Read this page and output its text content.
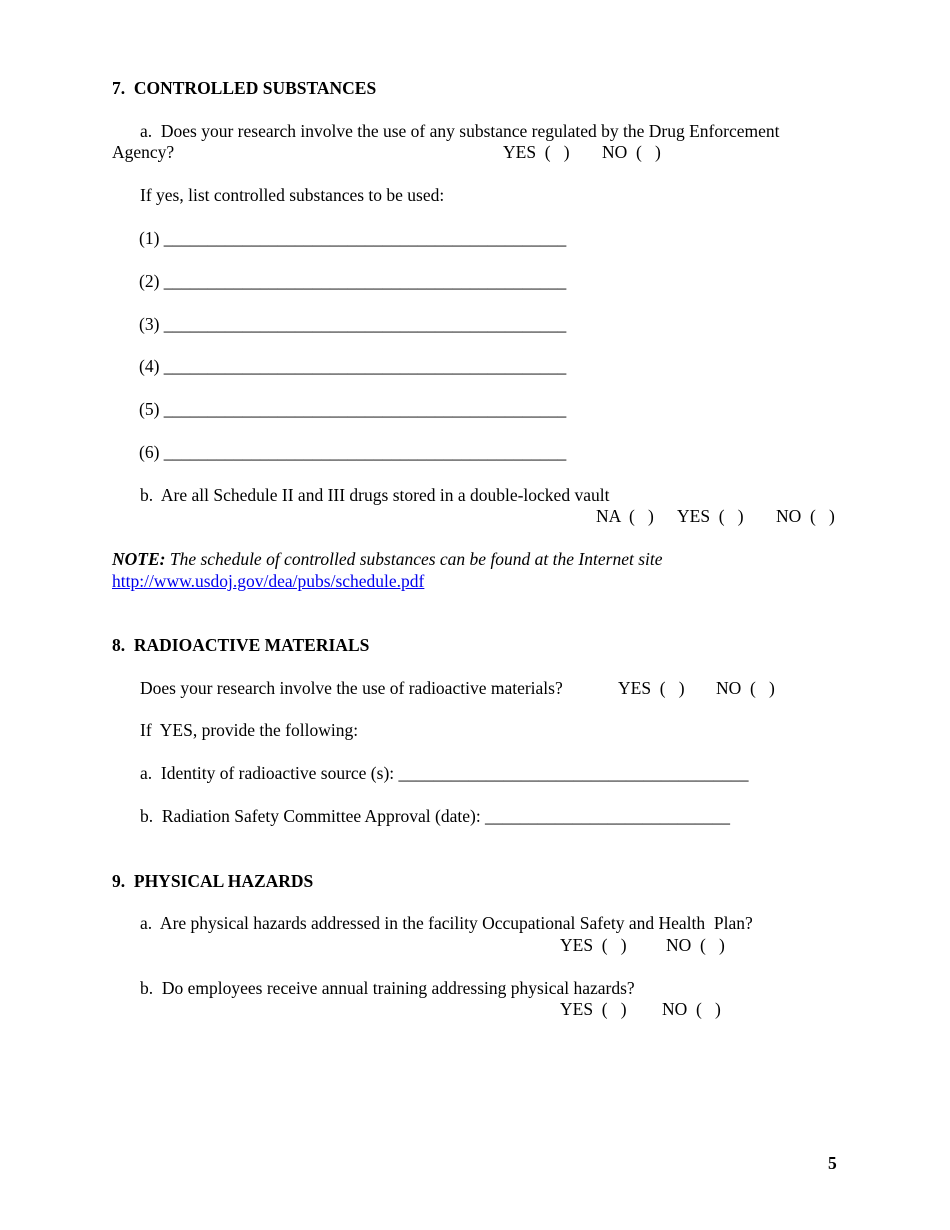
7.  CONTROLLED SUBSTANCES
a.  Does your research involve the use of any substance regulated by the Drug Enforcement
Agency?	YES  (   ) NO  (   )
If yes, list controlled substances to be used:
(1) ______________________________________________
(2) ______________________________________________
(3) ______________________________________________
(4) ______________________________________________
(5) ______________________________________________
(6) ______________________________________________
b.  Are all Schedule II and III drugs stored in a double-locked vault
NA  (   ) YES  (   ) NO  (   )
NOTE: The schedule of controlled substances can be found at the Internet site
http://www.usdoj.gov/dea/pubs/schedule.pdf
8.  RADIOACTIVE MATERIALS
Does your research involve the use of radioactive materials?	YES  (   ) NO  (   )
If  YES, provide the following:
a.  Identity of radioactive source (s): ________________________________________
b.  Radiation Safety Committee Approval (date): ____________________________
9.  PHYSICAL HAZARDS
a.  Are physical hazards addressed in the facility Occupational Safety and Health  Plan?
YES  (   ) NO  (   )
b.  Do employees receive annual training addressing physical hazards?
YES  (   ) NO  (   )
5
